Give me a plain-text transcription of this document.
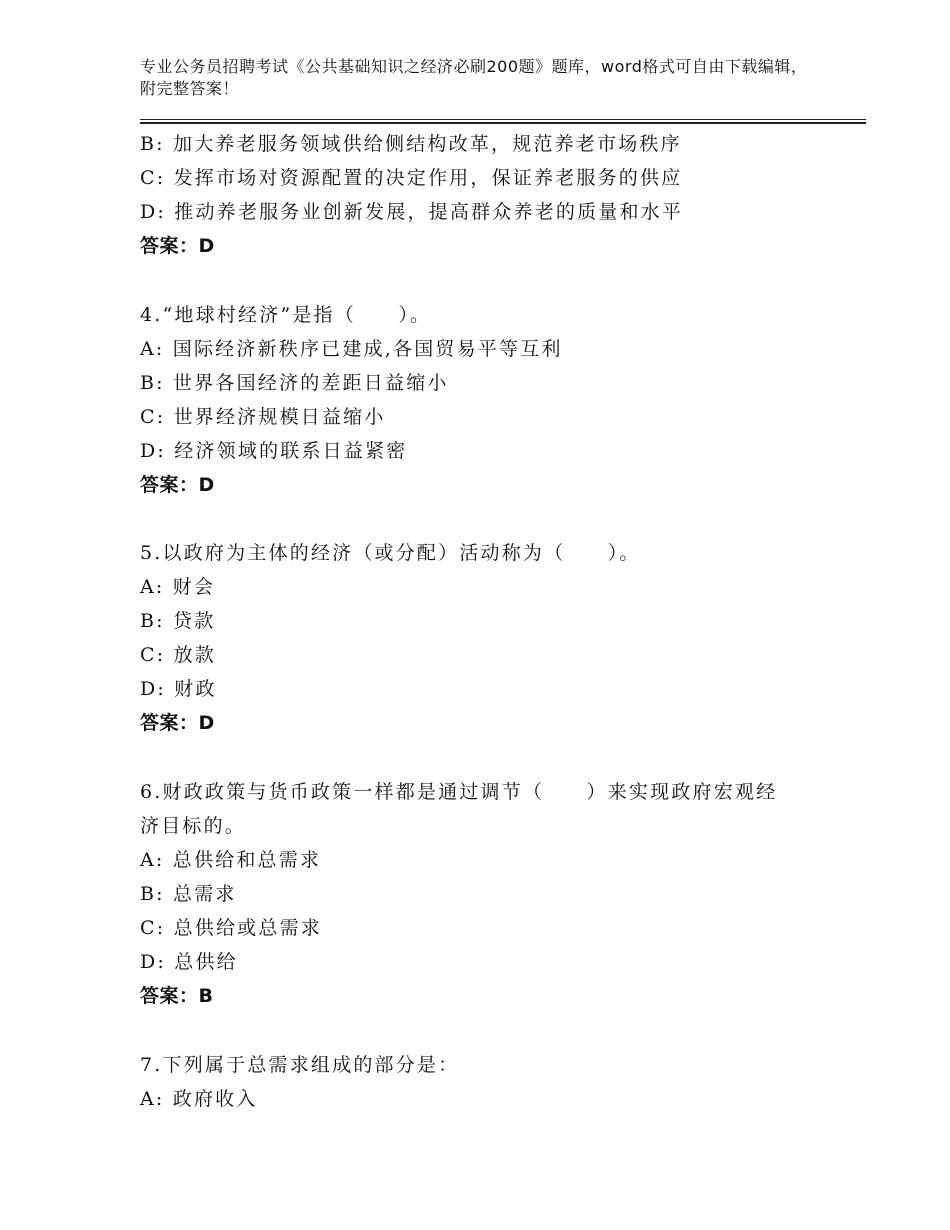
专业公务员招聘考试《公共基础知识之经济必刷200题》题库，word格式可自由下载编辑，附完整答案！
B: 加大养老服务领域供给侧结构改革，规范养老市场秩序
C: 发挥市场对资源配置的决定作用，保证养老服务的供应
D: 推动养老服务业创新发展，提高群众养老的质量和水平
答案：D
4.“地球村经济”是指（　　）。
A: 国际经济新秩序已建成,各国贸易平等互利
B: 世界各国经济的差距日益缩小
C: 世界经济规模日益缩小
D: 经济领域的联系日益紧密
答案：D
5.以政府为主体的经济（或分配）活动称为（　　）。
A: 财会
B: 贷款
C: 放款
D: 财政
答案：D
6.财政政策与货币政策一样都是通过调节（　　）来实现政府宏观经
济目标的。
A: 总供给和总需求
B: 总需求
C: 总供给或总需求
D: 总供给
答案：B
7.下列属于总需求组成的部分是：
A: 政府收入
